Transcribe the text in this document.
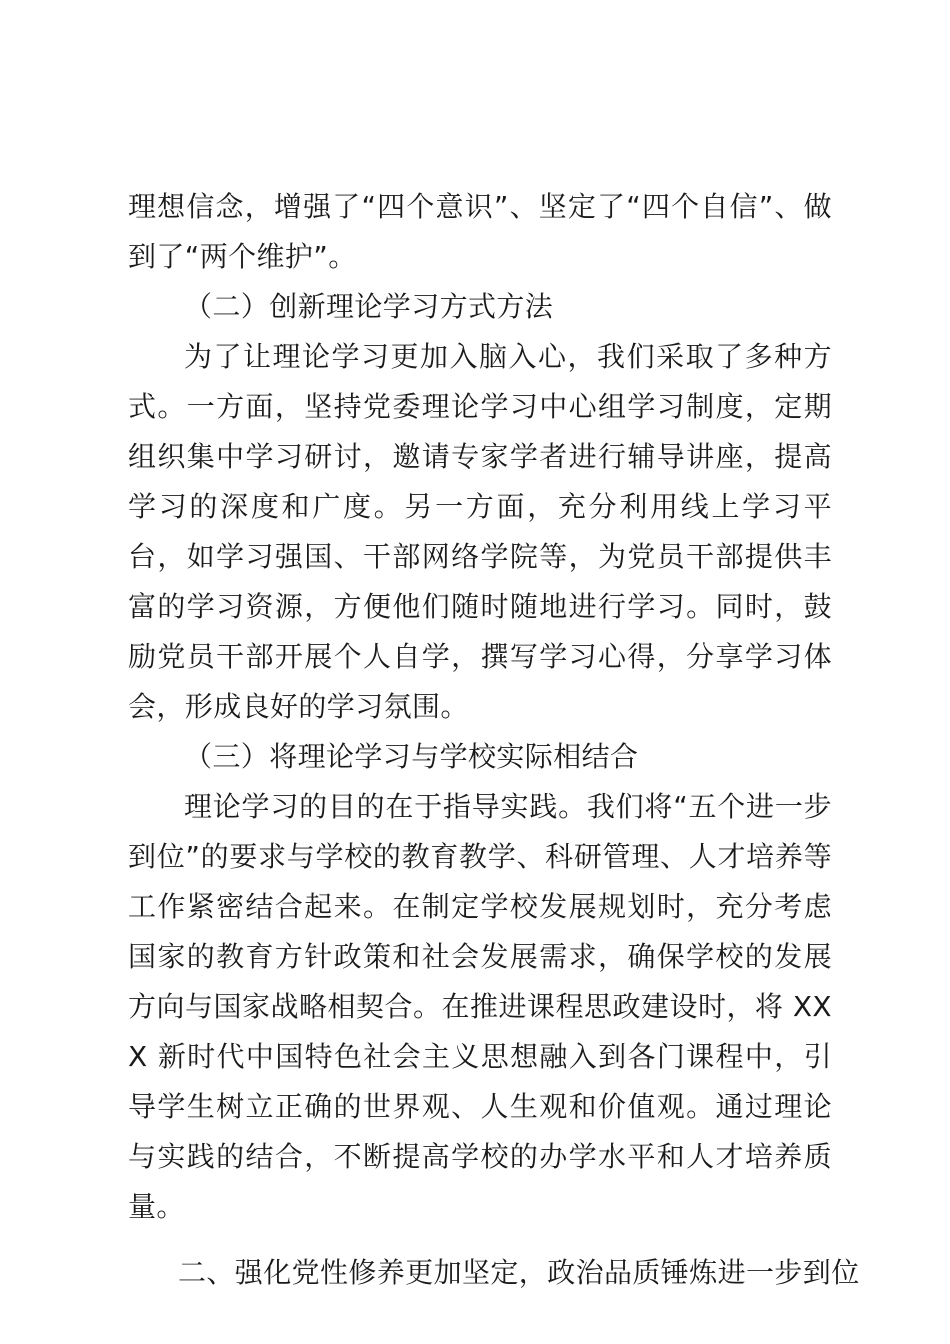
理想信念，增强了“四个意识”、坚定了“四个自信”、做到了“两个维护”。

（二）创新理论学习方式方法

为了让理论学习更加入脑入心，我们采取了多种方式。一方面，坚持党委理论学习中心组学习制度，定期组织集中学习研讨，邀请专家学者进行辅导讲座，提高学习的深度和广度。另一方面，充分利用线上学习平台，如学习强国、干部网络学院等，为党员干部提供丰富的学习资源，方便他们随时随地进行学习。同时，鼓励党员干部开展个人自学，撰写学习心得，分享学习体会，形成良好的学习氛围。

（三）将理论学习与学校实际相结合

理论学习的目的在于指导实践。我们将“五个进一步到位”的要求与学校的教育教学、科研管理、人才培养等工作紧密结合起来。在制定学校发展规划时，充分考虑国家的教育方针政策和社会发展需求，确保学校的发展方向与国家战略相契合。在推进课程思政建设时，将 XXX 新时代中国特色社会主义思想融入到各门课程中，引导学生树立正确的世界观、人生观和价值观。通过理论与实践的结合，不断提高学校的办学水平和人才培养质量。

二、强化党性修养更加坚定，政治品质锤炼进一步到位
